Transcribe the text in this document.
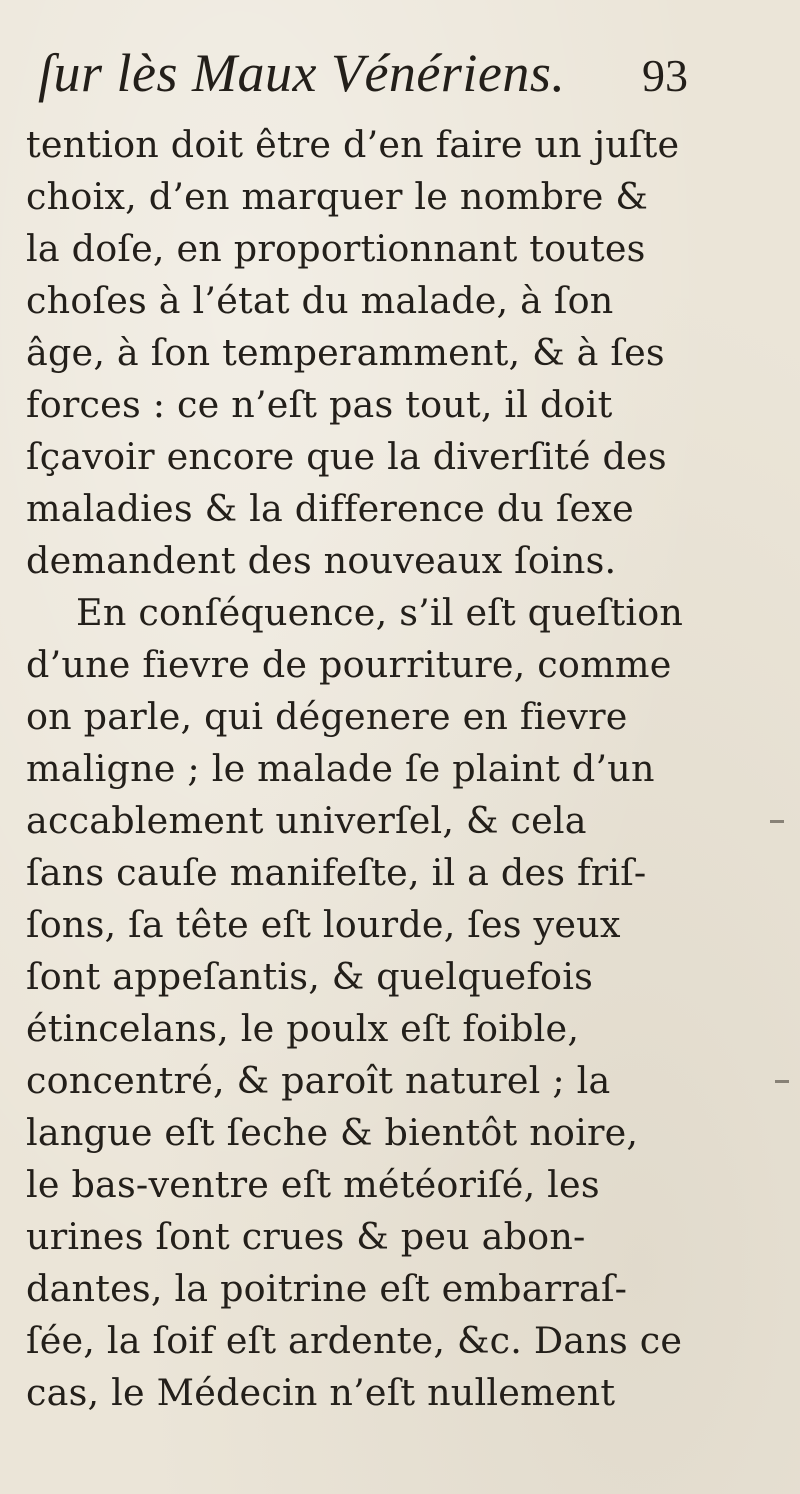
ſur lès Maux Vénériens. 93
tention doit être d’en faire un juſte
choix, d’en marquer le nombre &
la doſe, en proportionnant toutes
choſes à l’état du malade, à ſon
âge, à ſon temperamment, & à ſes
forces : ce n’eſt pas tout, il doit
ſçavoir encore que la diverſité des
maladies & la difference du ſexe
demandent des nouveaux ſoins.
En conſéquence, s’il eſt queſtion
d’une fievre de pourriture, comme
on parle, qui dégenere en fievre
maligne ; le malade ſe plaint d’un
accablement univerſel, & cela
ſans cauſe manifeſte, il a des friſ-
ſons, ſa tête eſt lourde, ſes yeux
ſont appeſantis, & quelquefois
étincelans, le poulx eſt foible,
concentré, & paroît naturel ; la
langue eſt ſeche & bientôt noire,
le bas-ventre eſt météoriſé, les
urines ſont crues & peu abon-
dantes, la poitrine eſt embarraſ-
ſée, la ſoif eſt ardente, &c. Dans ce
cas, le Médecin n’eſt nullement
